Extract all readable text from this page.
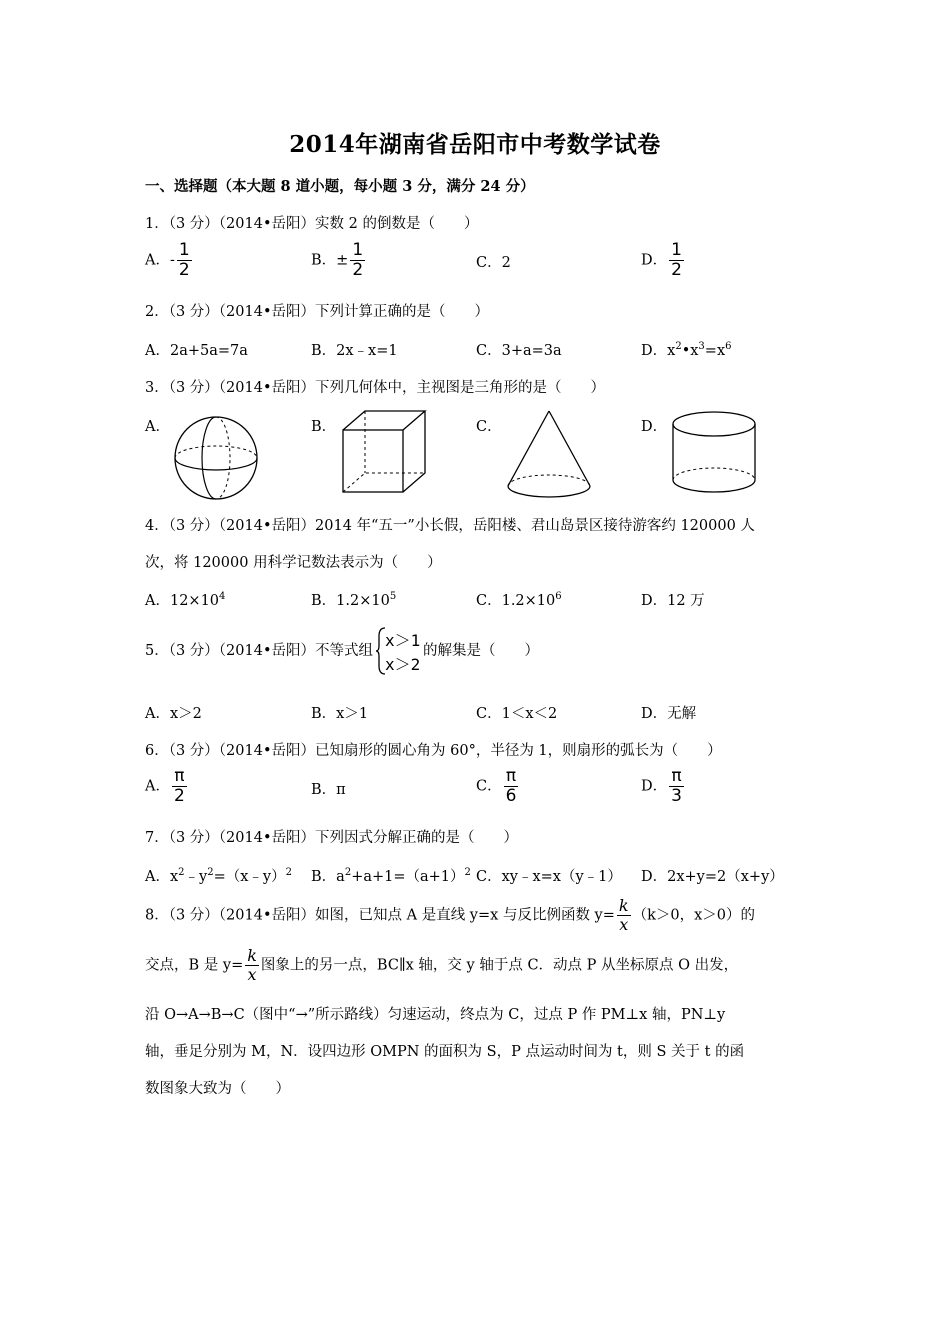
2014年湖南省岳阳市中考数学试卷
一、选择题（本大题 8 道小题，每小题 3 分，满分 24 分）
1．（3 分）（2014•岳阳）实数 2 的倒数是（　　）
A．- $\frac{1}{2}$	B．± $\frac{1}{2}$	C．2	D． $\frac{1}{2}$
2．（3 分）（2014•岳阳）下列计算正确的是（　　）
A．2a+5a=7a	B．2x﹣x=1	C．3+a=3a	D．$x^2•x^3=x^6$
3．（3 分）（2014•岳阳）下列几何体中，主视图是三角形的是（　　）
A．	B．	C．	D．
4．（3 分）（2014•岳阳）2014 年“五一”小长假，岳阳楼、君山岛景区接待游客约 120000 人
次，将 120000 用科学记数法表示为（　　）
A．$12\times 10^4$	B．$1.2\times 10^5$	C．$1.2\times 10^6$	D．12 万
5．（3 分）（2014•岳阳）不等式组
x＞1
x＞2
的解集是（　　）
A．x＞2	B．x＞1	C．1＜x＜2	D．无解
6．（3 分）（2014•岳阳）已知扇形的圆心角为 60°，半径为 1，则扇形的弧长为（　　）
A． $\frac{\pi}{2}$	B．π	C． $\frac{\pi}{6}$	D． $\frac{\pi}{3}$
7．（3 分）（2014•岳阳）下列因式分解正确的是（　　）
A．$x^2﹣y^2=(x﹣y)^2$ B．$a^2+a+1=(a+1)^2$ C．xy﹣x=x（y﹣1） D．2x+y=2（x+y）
8．（3 分）（2014•岳阳）如图，已知点 A 是直线 y=x 与反比例函数 $y= \frac{k}{x} (k>0$，x＞0）的
交点，B 是 $y= \frac{k}{x}$ 图象上的另一点，BC∥x 轴，交 y 轴于点 C．动点 P 从坐标原点 O 出发，
沿 O→A→B→C（图中“→”所示路线）匀速运动，终点为 C，过点 P 作 PM⊥x 轴，PN⊥y
轴，垂足分别为 M，N．设四边形 OMPN 的面积为 S，P 点运动时间为 t，则 S 关于 t 的函
数图象大致为（　　）
